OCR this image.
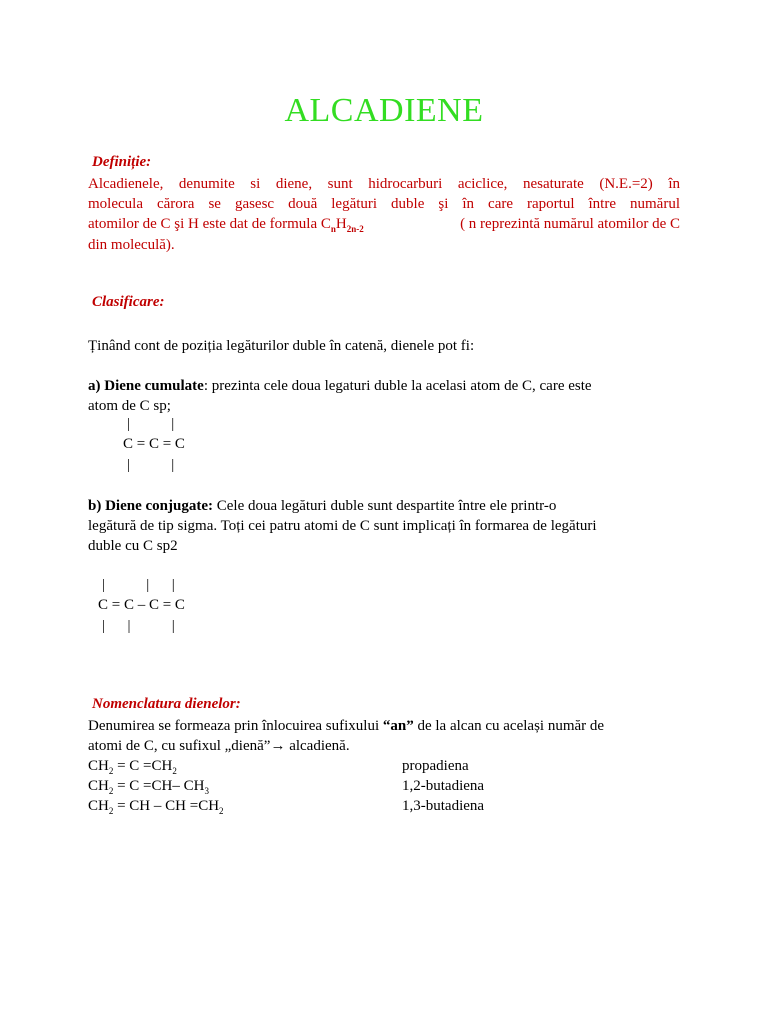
ALCADIENE
Definiție:
Alcadienele, denumite si diene, sunt hidrocarburi aciclice, nesaturate (N.E.=2) în
molecula cărora se gasesc două legături duble şi în care raportul între numărul
atomilor de C şi H este dat de formula $C_nH_{2n-2}$	( n reprezintă numărul atomilor de C
din moleculă).
Clasificare:
Ținând cont de poziția legăturilor duble în catenă, dienele pot fi:
a) Diene cumulate: prezinta cele doua legaturi duble la acelasi atom de C, care este
atom de C sp;
|           |
C = C = C
|           |
b) Diene conjugate: Cele doua legături duble sunt despartite între ele printr-o
legătură de tip sigma. Toți cei patru atomi de C sunt implicați în formarea de legături
duble cu C sp2
|           |      |
C = C – C = C
|      |           |
Nomenclatura dienelor:
Denumirea se formeaza prin înlocuirea sufixului “an” de la alcan cu același număr de
atomi de C, cu sufixul „dienă”→ alcadienă.
$CH_2 = C =CH_2$	propadiena
$CH_2 = C =CH-$ $CH_3$	1,2-butadiena
$CH_2$ = CH – CH $=CH_2$	1,3-butadiena
